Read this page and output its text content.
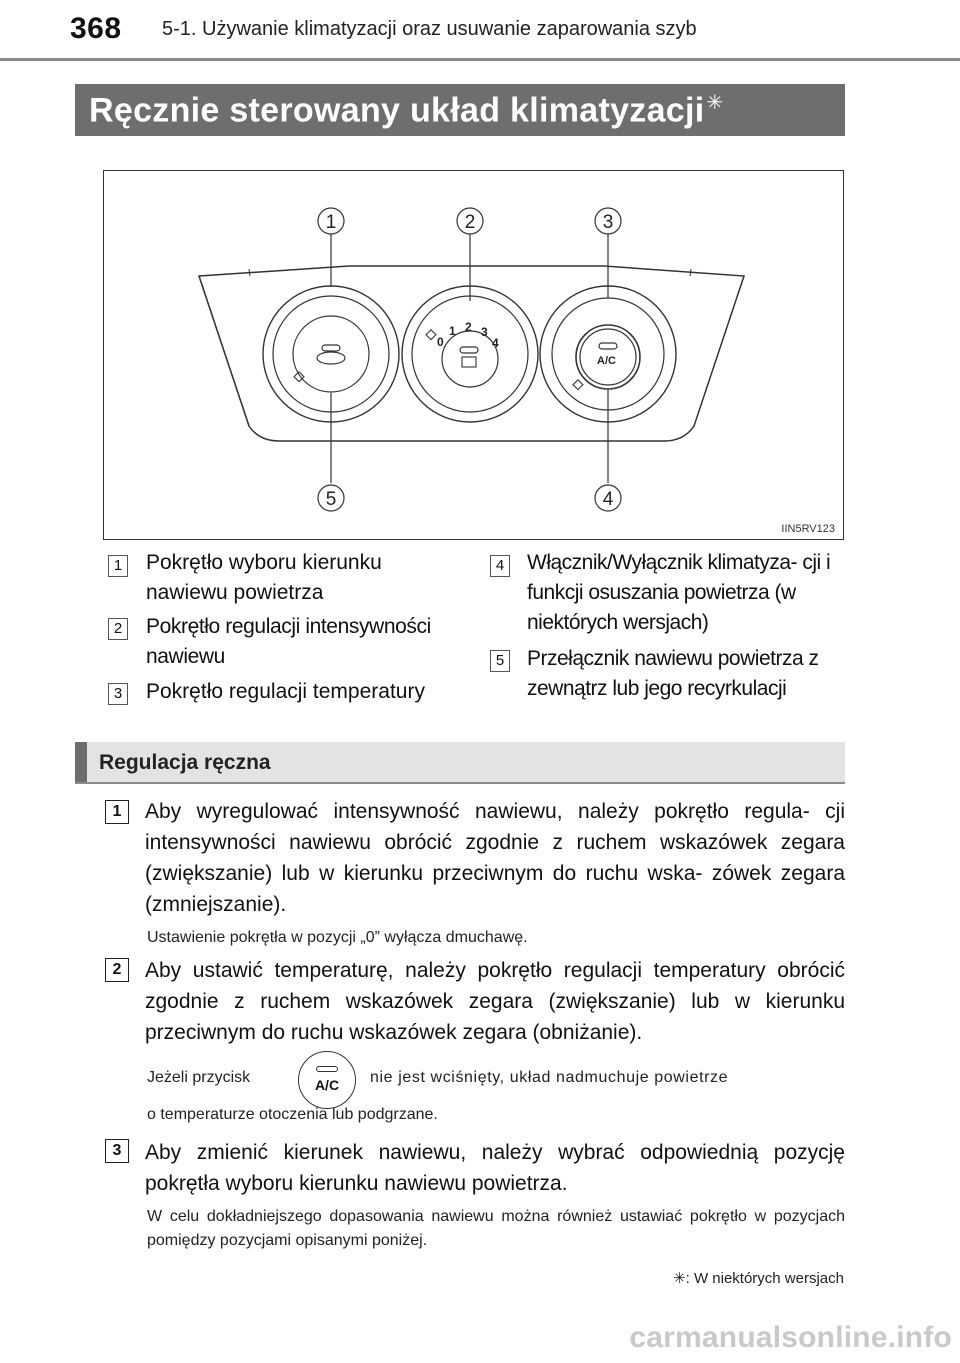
368 5-1. Używanie klimatyzacji oraz usuwanie zaparowania szyb
Ręcznie sterowany układ klimatyzacji ✳
0
1 2 3
4
A/C
1	2	3
4
5
IIN5RV123
1 Pokrętło wyboru kierunku nawiewu powietrza
2 Pokrętło regulacji intensywności nawiewu
3 Pokrętło regulacji temperatury
4 Włącznik/Wyłącznik klimatyza- cji i funkcji osuszania powietrza (w niektórych wersjach)
5 Przełącznik nawiewu powietrza z zewnątrz lub jego recyrkulacji
Regulacja ręczna
1	Aby wyregulować intensywność nawiewu, należy pokrętło regula- cji intensywności nawiewu obrócić zgodnie z ruchem wskazówek zegara (zwiększanie) lub w kierunku przeciwnym do ruchu wska- zówek zegara (zmniejszanie).
Ustawienie pokrętła w pozycji „0” wyłącza dmuchawę.
2	Aby ustawić temperaturę, należy pokrętło regulacji temperatury obrócić zgodnie z ruchem wskazówek zegara (zwiększanie) lub w kierunku przeciwnym do ruchu wskazówek zegara (obniżanie).
Jeżeli przycisk	A/C	nie jest wciśnięty, układ nadmuchuje powietrze
o temperaturze otoczenia lub podgrzane.
3	Aby zmienić kierunek nawiewu, należy wybrać odpowiednią pozycję pokrętła wyboru kierunku nawiewu powietrza.
W celu dokładniejszego dopasowania nawiewu można również ustawiać pokrętło w pozycjach pomiędzy pozycjami opisanymi poniżej.
✳: W niektórych wersjach
carmanualsonline.info
